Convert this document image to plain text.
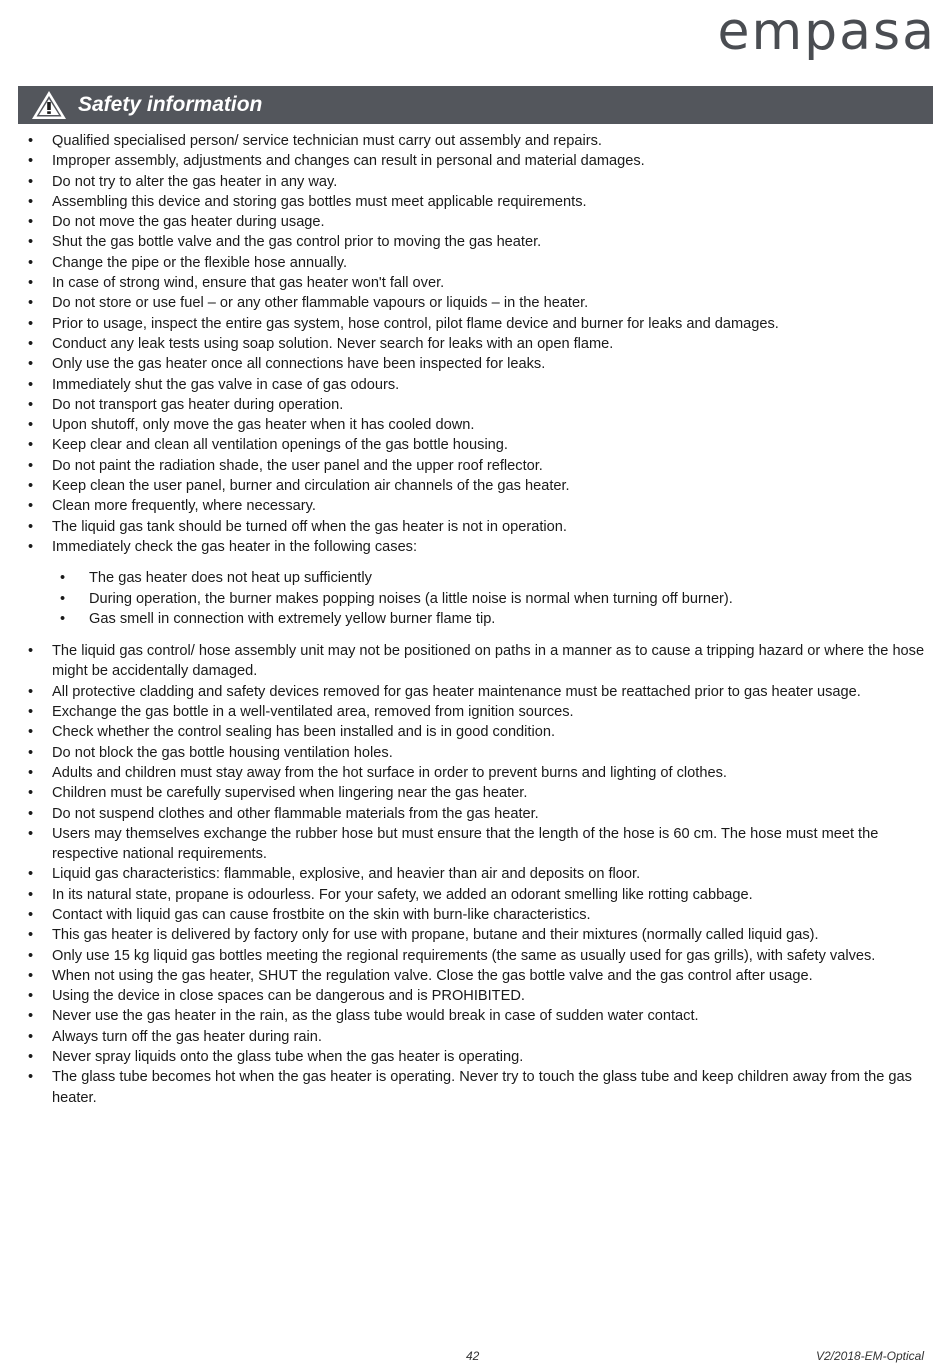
empasa
Safety information
• Qualified specialised person/ service technician must carry out assembly and repairs.
• Improper assembly, adjustments and changes can result in personal and material damages.
• Do not try to alter the gas heater in any way.
• Assembling this device and storing gas bottles must meet applicable requirements.
• Do not move the gas heater during usage.
• Shut the gas bottle valve and the gas control prior to moving the gas heater.
• Change the pipe or the flexible hose annually.
• In case of strong wind, ensure that gas heater won't fall over.
• Do not store or use fuel – or any other flammable vapours or liquids – in the heater.
• Prior to usage, inspect the entire gas system, hose control, pilot flame device and burner for leaks and damages.
• Conduct any leak tests using soap solution. Never search for leaks with an open flame.
• Only use the gas heater once all connections have been inspected for leaks.
• Immediately shut the gas valve in case of gas odours.
• Do not transport gas heater during operation.
• Upon shutoff, only move the gas heater when it has cooled down.
• Keep clear and clean all ventilation openings of the gas bottle housing.
• Do not paint the radiation shade, the user panel and the upper roof reflector.
• Keep clean the user panel, burner and circulation air channels of the gas heater.
• Clean more frequently, where necessary.
• The liquid gas tank should be turned off when the gas heater is not in operation.
• Immediately check the gas heater in the following cases:
• The gas heater does not heat up sufficiently
• During operation, the burner makes popping noises (a little noise is normal when turning off burner).
• Gas smell in connection with extremely yellow burner flame tip.
• The liquid gas control/ hose assembly unit may not be positioned on paths in a manner as to cause a tripping hazard or where the hose might be accidentally damaged.
• All protective cladding and safety devices removed for gas heater maintenance must be reattached prior to gas heater usage.
• Exchange the gas bottle in a well-ventilated area, removed from ignition sources.
• Check whether the control sealing has been installed and is in good condition.
• Do not block the gas bottle housing ventilation holes.
• Adults and children must stay away from the hot surface in order to prevent burns and lighting of clothes.
• Children must be carefully supervised when lingering near the gas heater.
• Do not suspend clothes and other flammable materials from the gas heater.
• Users may themselves exchange the rubber hose but must ensure that the length of the hose is 60 cm. The hose must meet the respective national requirements.
• Liquid gas characteristics: flammable, explosive, and heavier than air and deposits on floor.
• In its natural state, propane is odourless. For your safety, we added an odorant smelling like rotting cabbage.
• Contact with liquid gas can cause frostbite on the skin with burn-like characteristics.
• This gas heater is delivered by factory only for use with propane, butane and their mixtures (normally called liquid gas).
• Only use 15 kg liquid gas bottles meeting the regional requirements (the same as usually used for gas grills), with safety valves.
• When not using the gas heater, SHUT the regulation valve. Close the gas bottle valve and the gas control after usage.
• Using the device in close spaces can be dangerous and is PROHIBITED.
• Never use the gas heater in the rain, as the glass tube would break in case of sudden water contact.
• Always turn off the gas heater during rain.
• Never spray liquids onto the glass tube when the gas heater is operating.
• The glass tube becomes hot when the gas heater is operating. Never try to touch the glass tube and keep children away from the gas heater.
42	V2/2018-EM-Optical
